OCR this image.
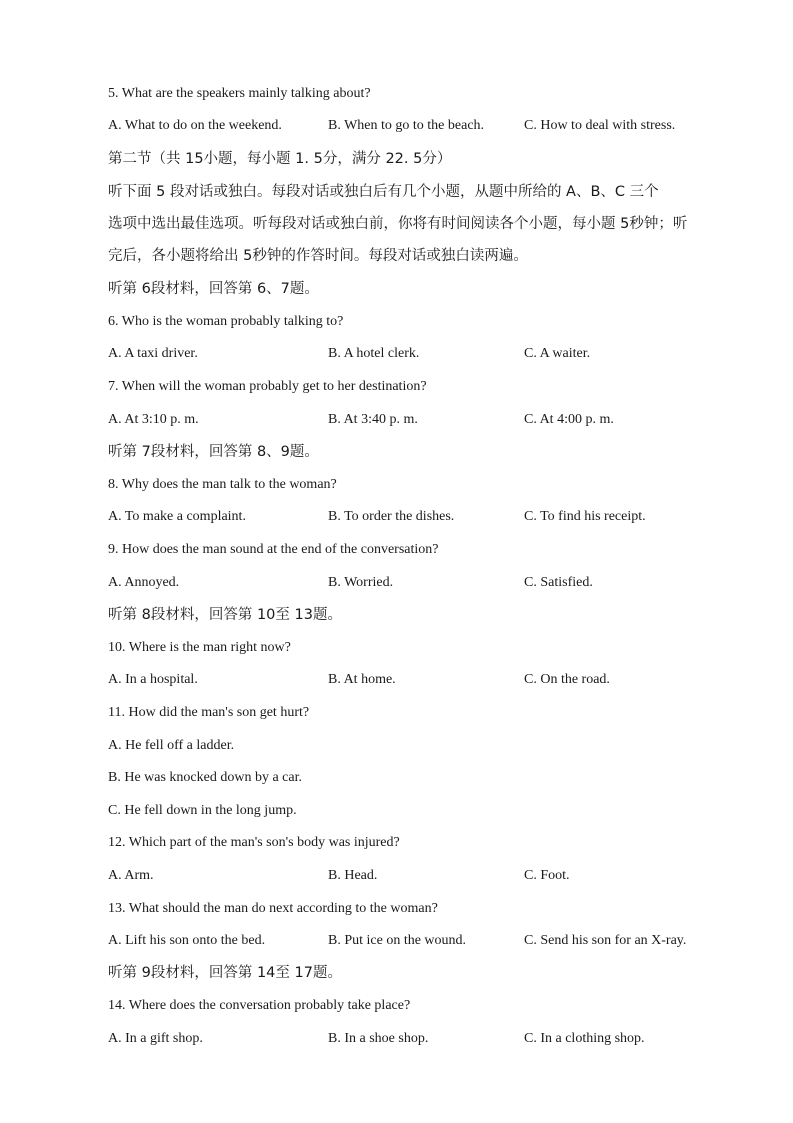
5. What are the speakers mainly talking about?
A. What to do on the weekend.	B. When to go to the beach.	C. How to deal with stress.
第二节（共 15小题，每小题 1. 5分，满分 22. 5分）
听下面 5 段对话或独白。每段对话或独白后有几个小题，从题中所给的 A、B、C 三个
选项中选出最佳选项。听每段对话或独白前，你将有时间阅读各个小题，每小题 5秒钟；听
完后，各小题将给出 5秒钟的作答时间。每段对话或独白读两遍。
听第 6段材料，回答第 6、7题。
6. Who is the woman probably talking to?
A. A taxi driver.	B. A hotel clerk.	C. A waiter.
7. When will the woman probably get to her destination?
A. At 3:10 p. m.	B. At 3:40 p. m.	C. At 4:00 p. m.
听第 7段材料，回答第 8、9题。
8. Why does the man talk to the woman?
A. To make a complaint.	B. To order the dishes.	C. To find his receipt.
9. How does the man sound at the end of the conversation?
A. Annoyed.	B. Worried.	C. Satisfied.
听第 8段材料，回答第 10至 13题。
10. Where is the man right now?
A. In a hospital.	B. At home.	C. On the road.
11. How did the man's son get hurt?
A. He fell off a ladder.
B. He was knocked down by a car.
C. He fell down in the long jump.
12. Which part of the man's son's body was injured?
A. Arm.	B. Head.	C. Foot.
13. What should the man do next according to the woman?
A. Lift his son onto the bed.	B. Put ice on the wound.	C. Send his son for an X-ray.
听第 9段材料，回答第 14至 17题。
14. Where does the conversation probably take place?
A. In a gift shop.	B. In a shoe shop.	C. In a clothing shop.
